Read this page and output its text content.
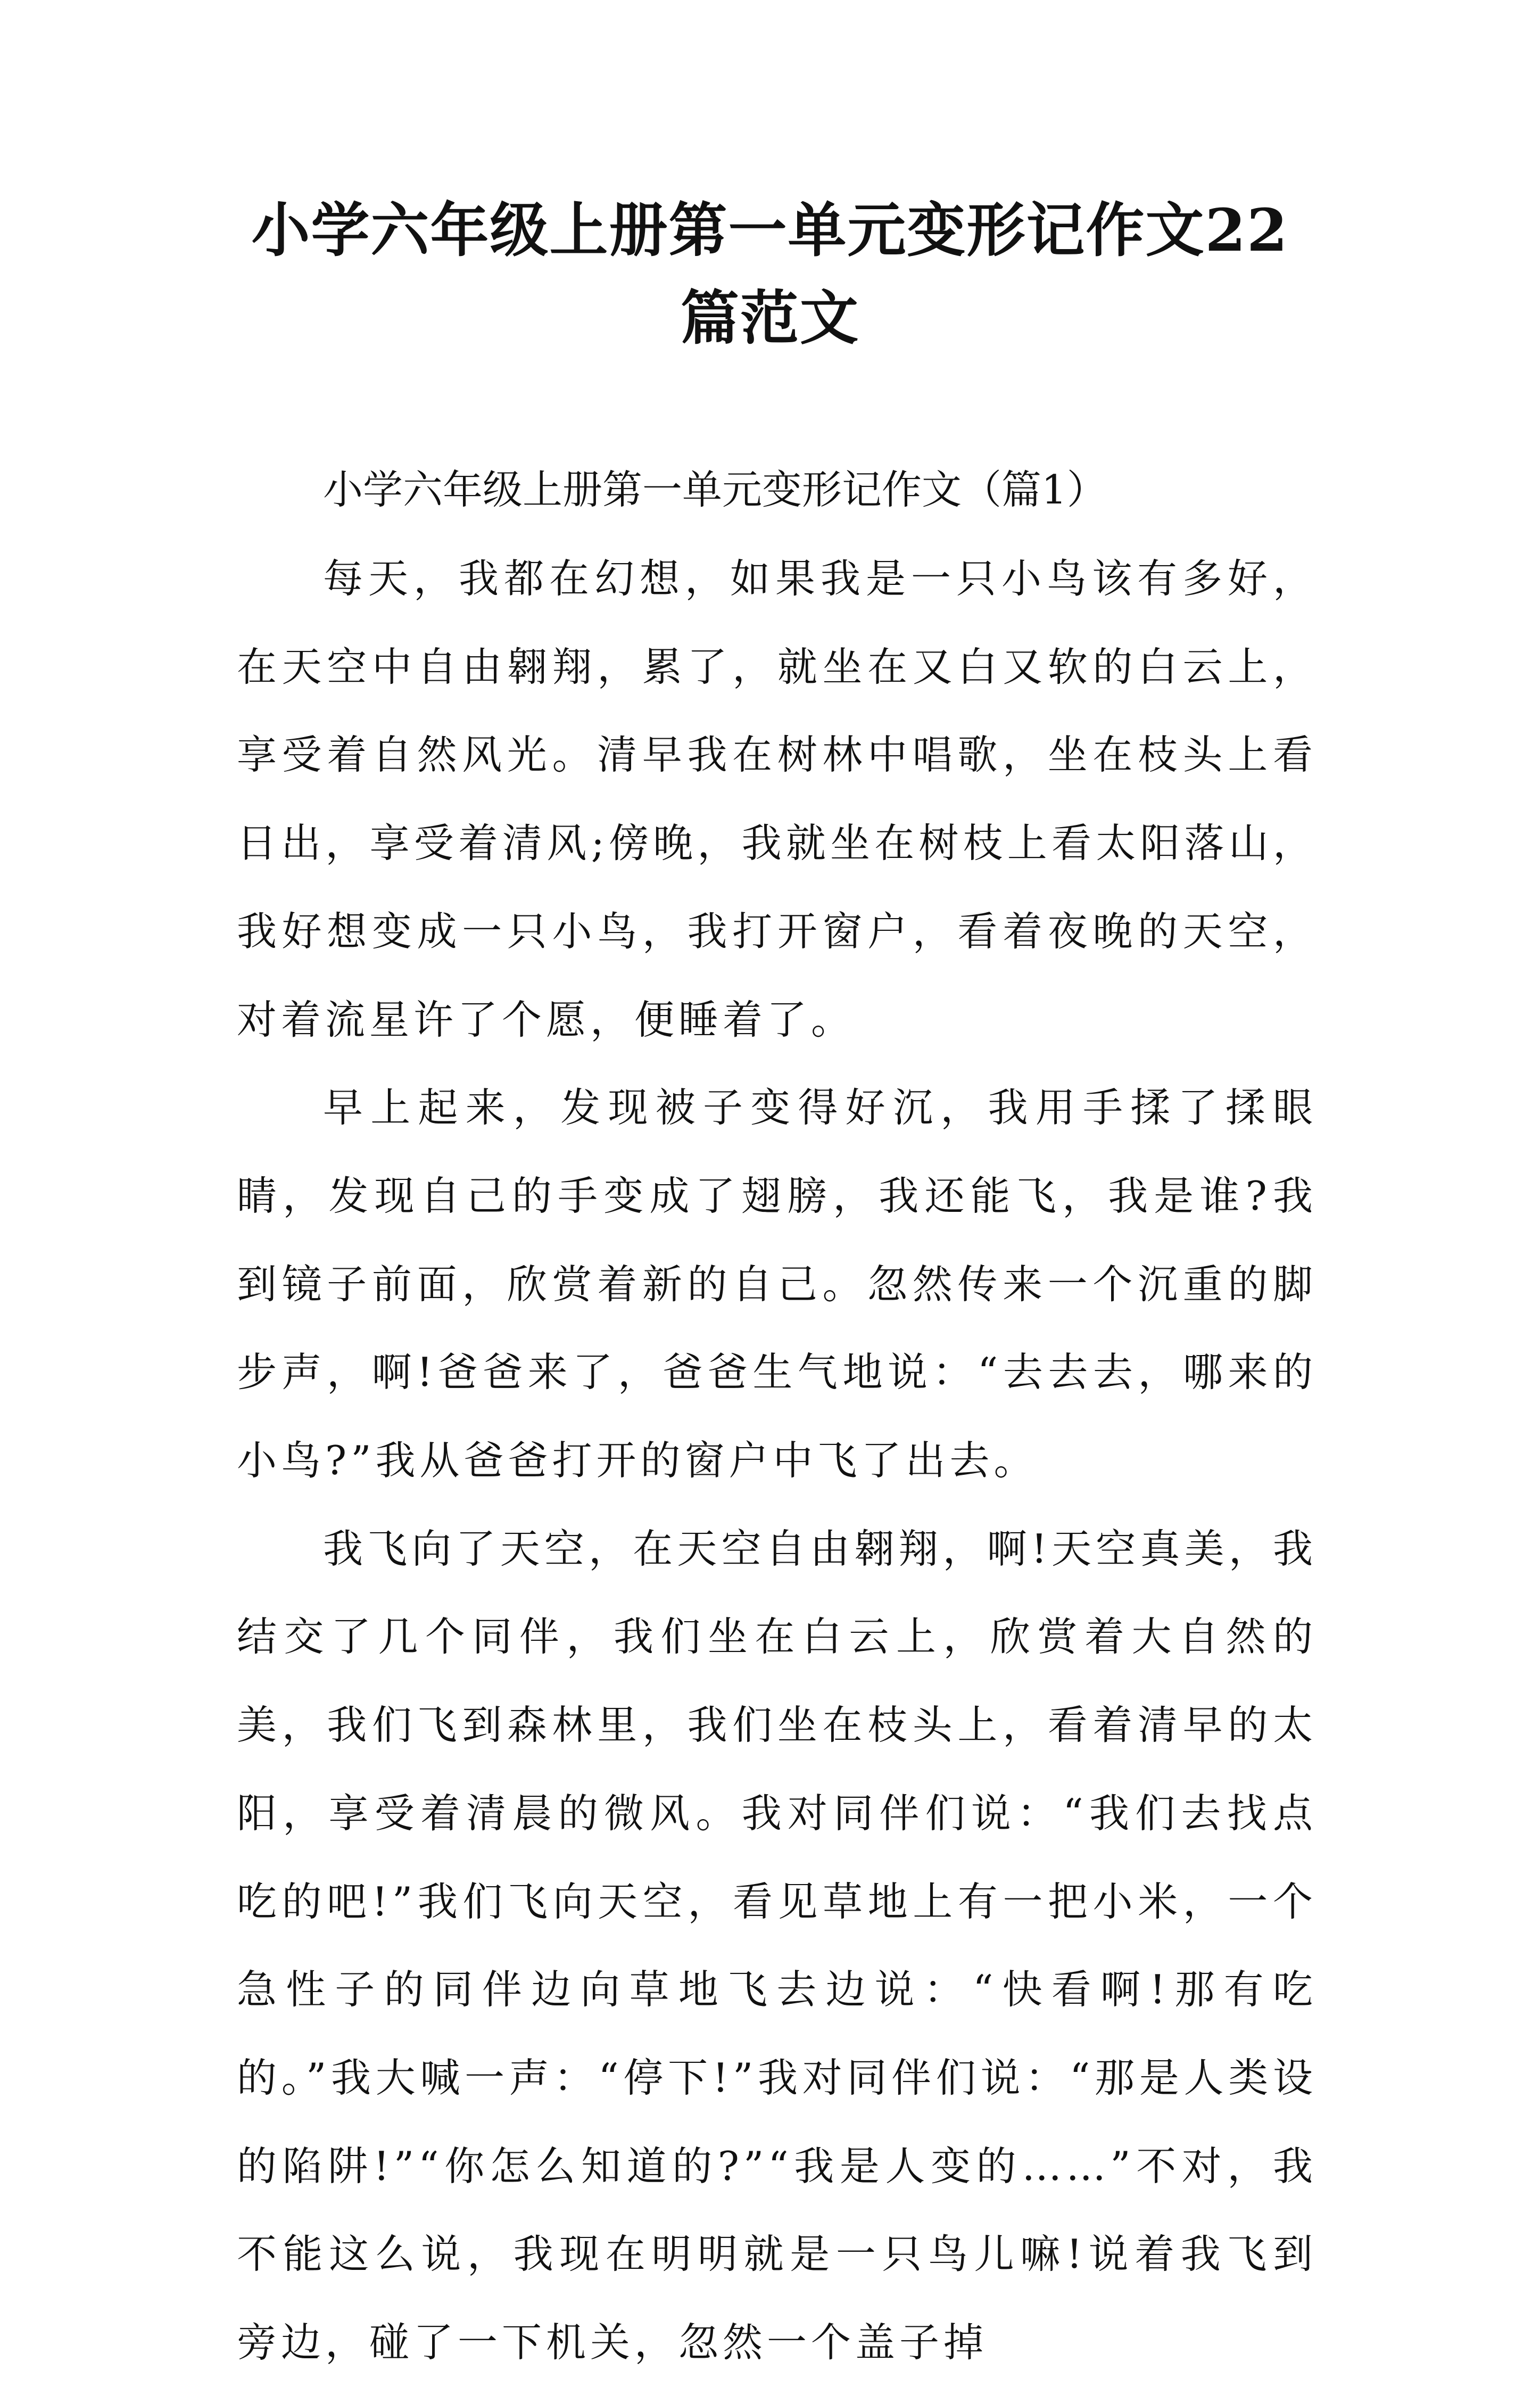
小学六年级上册第一单元变形记作文22篇范文

小学六年级上册第一单元变形记作文（篇1）

每天，我都在幻想，如果我是一只小鸟该有多好，在天空中自由翱翔，累了，就坐在又白又软的白云上，享受着自然风光。清早我在树林中唱歌，坐在枝头上看日出，享受着清风;傍晚，我就坐在树枝上看太阳落山，我好想变成一只小鸟，我打开窗户，看着夜晚的天空，对着流星许了个愿，便睡着了。

早上起来，发现被子变得好沉，我用手揉了揉眼睛，发现自己的手变成了翅膀，我还能飞，我是谁?我到镜子前面，欣赏着新的自己。忽然传来一个沉重的脚步声，啊!爸爸来了，爸爸生气地说：“去去去，哪来的小鸟?”我从爸爸打开的窗户中飞了出去。

我飞向了天空，在天空自由翱翔，啊!天空真美，我结交了几个同伴，我们坐在白云上，欣赏着大自然的美，我们飞到森林里，我们坐在枝头上，看着清早的太阳，享受着清晨的微风。我对同伴们说：“我们去找点吃的吧!”我们飞向天空，看见草地上有一把小米，一个急性子的同伴边向草地飞去边说：“快看啊!那有吃的。”我大喊一声：“停下!”我对同伴们说：“那是人类设的陷阱!”“你怎么知道的?”“我是人变的……”不对，我不能这么说，我现在明明就是一只鸟儿嘛!说着我飞到旁边，碰了一下机关，忽然一个盖子掉
